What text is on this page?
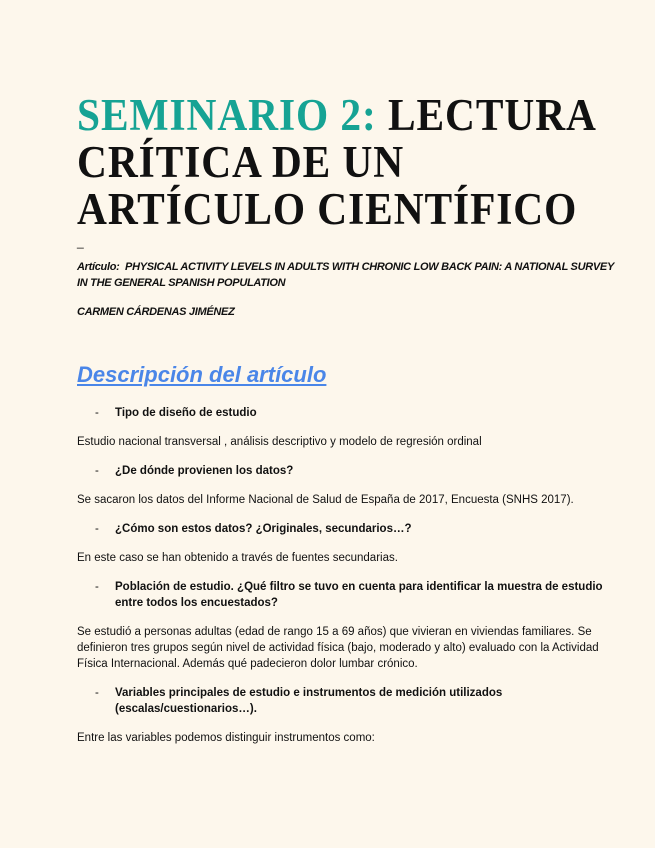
SEMINARIO 2: LECTURA
CRÍTICA DE UN
ARTÍCULO CIENTÍFICO
_
Artículo: PHYSICAL ACTIVITY LEVELS IN ADULTS WITH CHRONIC LOW BACK PAIN: A NATIONAL SURVEY IN THE GENERAL SPANISH POPULATION
CARMEN CÁRDENAS JIMÉNEZ
Descripción del artículo
-	Tipo de diseño de estudio
Estudio nacional transversal , análisis descriptivo y modelo de regresión ordinal
-	¿De dónde provienen los datos?
Se sacaron los datos del Informe Nacional de Salud de España de 2017, Encuesta (SNHS 2017).
-	¿Cómo son estos datos? ¿Originales, secundarios…?
En este caso se han obtenido a través de fuentes secundarias.
-	Población de estudio. ¿Qué filtro se tuvo en cuenta para identificar la muestra de estudio entre todos los encuestados?
Se estudió a personas adultas (edad de rango 15 a 69 años) que vivieran en viviendas familiares. Se definieron tres grupos según nivel de actividad física (bajo, moderado y alto) evaluado con la Actividad Física Internacional. Además qué padecieron dolor lumbar crónico.
-	Variables principales de estudio e instrumentos de medición utilizados (escalas/cuestionarios…).
Entre las variables podemos distinguir instrumentos como:
